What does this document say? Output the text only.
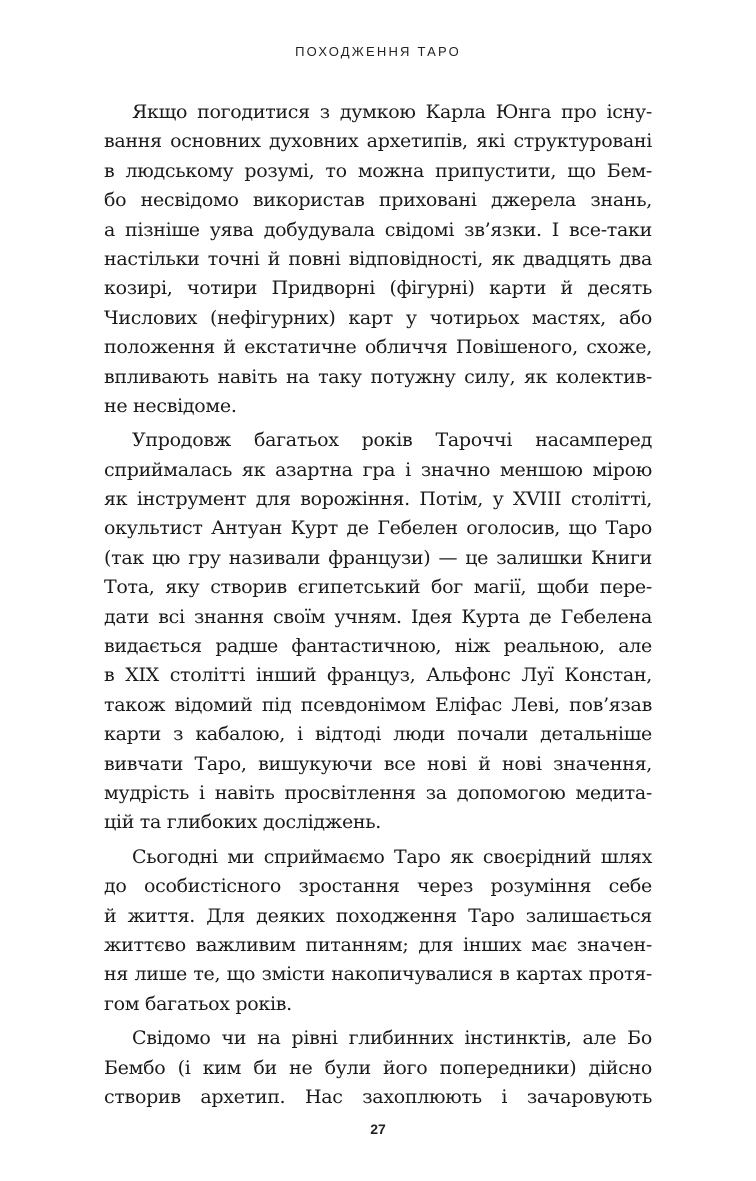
ПОХОДЖЕННЯ ТАРО
Якщо погодитися з думкою Карла Юнга про існу-
вання основних духовних архетипів, які структуровані
в людському розумі, то можна припустити, що Бем-
бо несвідомо використав приховані джерела знань,
а пізніше уява добудувала свідомі зв’язки. І все-таки
настільки точні й повні відповідності, як двадцять два
козирі, чотири Придворні (фігурні) карти й десять
Числових (нефігурних) карт у чотирьох мастях, або
положення й екстатичне обличчя Повішеного, схоже,
впливають навіть на таку потужну силу, як колектив-
не несвідоме.
Упродовж багатьох років Тароччі насамперед
сприймалась як азартна гра і значно меншою мірою
як інструмент для ворожіння. Потім, у XVIII столітті,
окультист Антуан Курт де Гебелен оголосив, що Таро
(так цю гру називали французи) — це залишки Книги
Тота, яку створив єгипетський бог магії, щоби пере-
дати всі знання своїм учням. Ідея Курта де Гебелена
видається радше фантастичною, ніж реальною, але
в XIX столітті інший француз, Альфонс Луї Констан,
також відомий під псевдонімом Еліфас Леві, пов’язав
карти з кабалою, і відтоді люди почали детальніше
вивчати Таро, вишукуючи все нові й нові значення,
мудрість і навіть просвітлення за допомогою медита-
цій та глибоких досліджень.
Сьогодні ми сприймаємо Таро як своєрідний шлях
до особистісного зростання через розуміння себе
й життя. Для деяких походження Таро залишається
життєво важливим питанням; для інших має значен-
ня лише те, що змісти накопичувалися в картах протя-
гом багатьох років.
Свідомо чи на рівні глибинних інстинктів, але Бо
Бембо (і ким би не були його попередники) дійсно
створив архетип. Нас захоплюють і зачаровують
27
